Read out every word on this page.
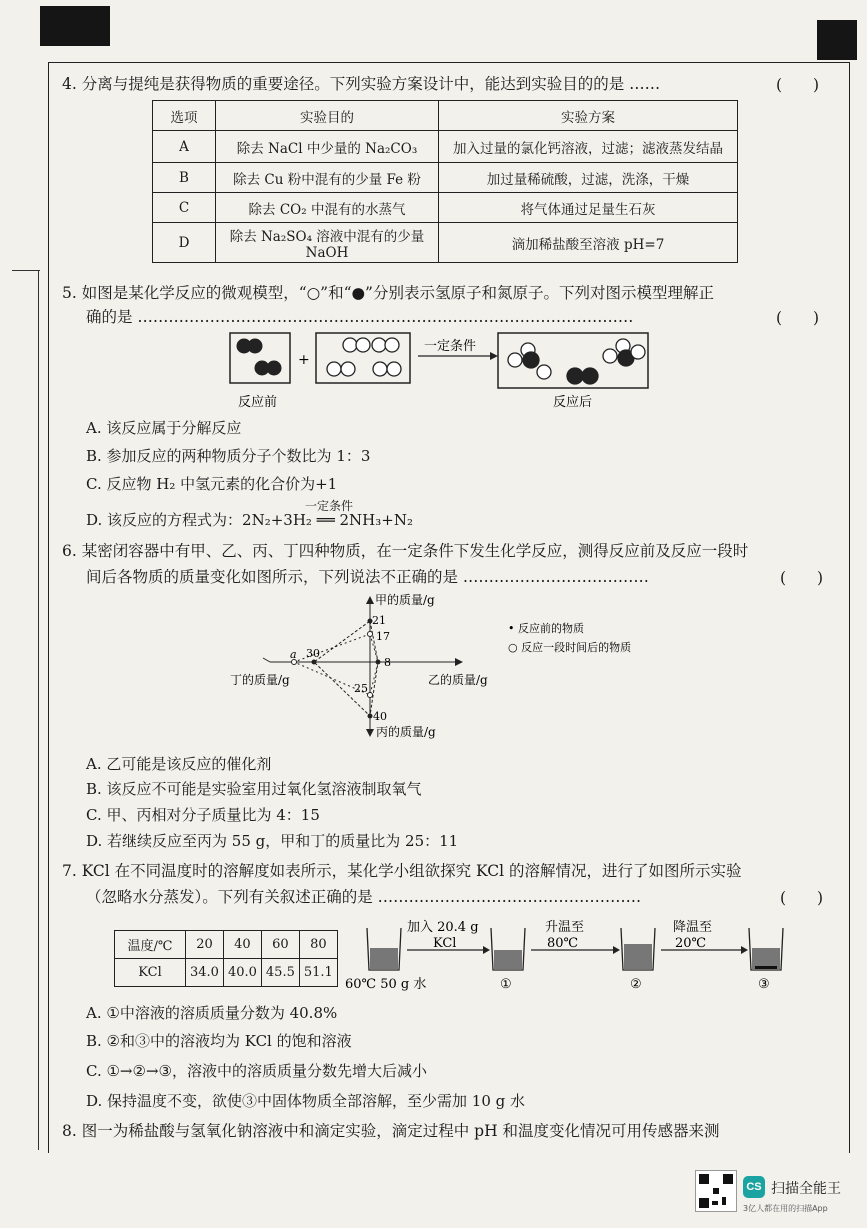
4. 分离与提纯是获得物质的重要途径。下列实验方案设计中，能达到实验目的的是 ……	(　　)
选项	实验目的	实验方案
A	除去 NaCl 中少量的 Na₂CO₃	加入过量的氯化钙溶液，过滤；滤液蒸发结晶
B	除去 Cu 粉中混有的少量 Fe 粉	加过量稀硫酸，过滤，洗涤，干燥
C	除去 CO₂ 中混有的水蒸气	将气体通过足量生石灰
D	除去 Na₂SO₄ 溶液中混有的少量 NaOH	滴加稀盐酸至溶液 pH=7
5. 如图是某化学反应的微观模型，“○”和“●”分别表示氢原子和氮原子。下列对图示模型理解正
确的是 ……………………………………………………………………………………	(　　)
+
一定条件
反应前	反应后
A. 该反应属于分解反应
B. 参加反应的两种物质分子个数比为 1：3
C. 反应物 H₂ 中氢元素的化合价为+1
D. 该反应的方程式为：2N₂+3H₂ ══ 2NH₃+N₂
一定条件
6. 某密闭容器中有甲、乙、丙、丁四种物质，在一定条件下发生化学反应，测得反应前及反应一段时
间后各物质的质量变化如图所示，下列说法不正确的是 ………………………………	(　　)
甲的质量/g
乙的质量/g
丙的质量/g
丁的质量/g
21
17
8
30
a
25
40
• 反应前的物质
○ 反应一段时间后的物质
A. 乙可能是该反应的催化剂
B. 该反应不可能是实验室用过氧化氢溶液制取氧气
C. 甲、丙相对分子质量比为 4：15
D. 若继续反应至丙为 55 g，甲和丁的质量比为 25：11
7. KCl 在不同温度时的溶解度如表所示，某化学小组欲探究 KCl 的溶解情况，进行了如图所示实验
（忽略水分蒸发）。下列有关叙述正确的是 ……………………………………………	(　　)
温度/℃	20	40	60	80
KCl	34.0	40.0	45.5	51.1
加入 20.4 g
KCl
升温至
80℃
降温至
20℃
60℃ 50 g 水	①	②	③
A. ①中溶液的溶质质量分数为 40.8%
B. ②和③中的溶液均为 KCl 的饱和溶液
C. ①→②→③，溶液中的溶质质量分数先增大后减小
D. 保持温度不变，欲使③中固体物质全部溶解，至少需加 10 g 水
8. 图一为稀盐酸与氢氧化钠溶液中和滴定实验，滴定过程中 pH 和温度变化情况可用传感器来测
CS 扫描全能王
3亿人都在用的扫描App
